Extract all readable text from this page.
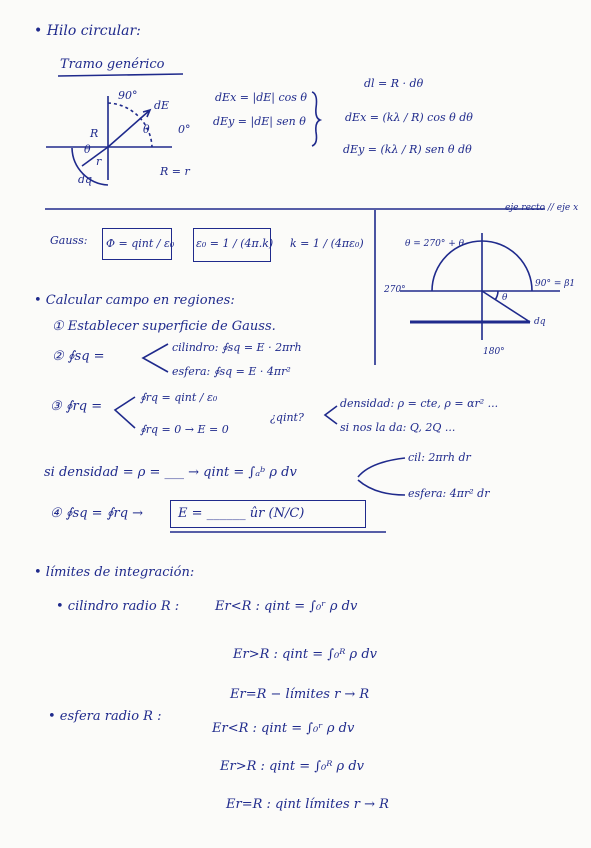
• Hilo circular:
Tramo genérico
90°
dE
R	θ
θ
r
dq
0°
R = r
dEx = |dE| cos θ
dEy = |dE| sen θ
dl = R · dθ
dEx = (kλ / R) cos θ dθ
dEy = (kλ / R) sen θ dθ
Gauss: Φ = qint / ε₀ ε₀ = 1 / (4π.k) k = 1 / (4πε₀)
eje recto // eje x
θ = 270° + θ
270°
90° = β1
180°
θ
dq
• Calcular campo en regiones:
① Establecer superficie de Gauss.
② ∮sq =
cilindro: ∮sq = E · 2πrh
esfera: ∮sq = E · 4πr²
③ ∮rq =
∮rq = qint / ε₀
∮rq = 0 → E = 0
¿qint?
densidad: ρ = cte, ρ = αr² ...
si nos la da: Q, 2Q ...
si densidad = ρ = ___ → qint = ∫ₐᵇ ρ dv
cil: 2πrh dr
esfera: 4πr² dr
④ ∮sq = ∮rq →	E = ______ ûr (N/C)
• límites de integración:
• cilindro radio R :	Er<R : qint = ∫₀ʳ ρ dv
Er>R : qint = ∫₀ᴿ ρ dv
Er=R − límites r → R
• esfera radio R :
Er<R : qint = ∫₀ʳ ρ dv
Er>R : qint = ∫₀ᴿ ρ dv
Er=R : qint límites r → R
